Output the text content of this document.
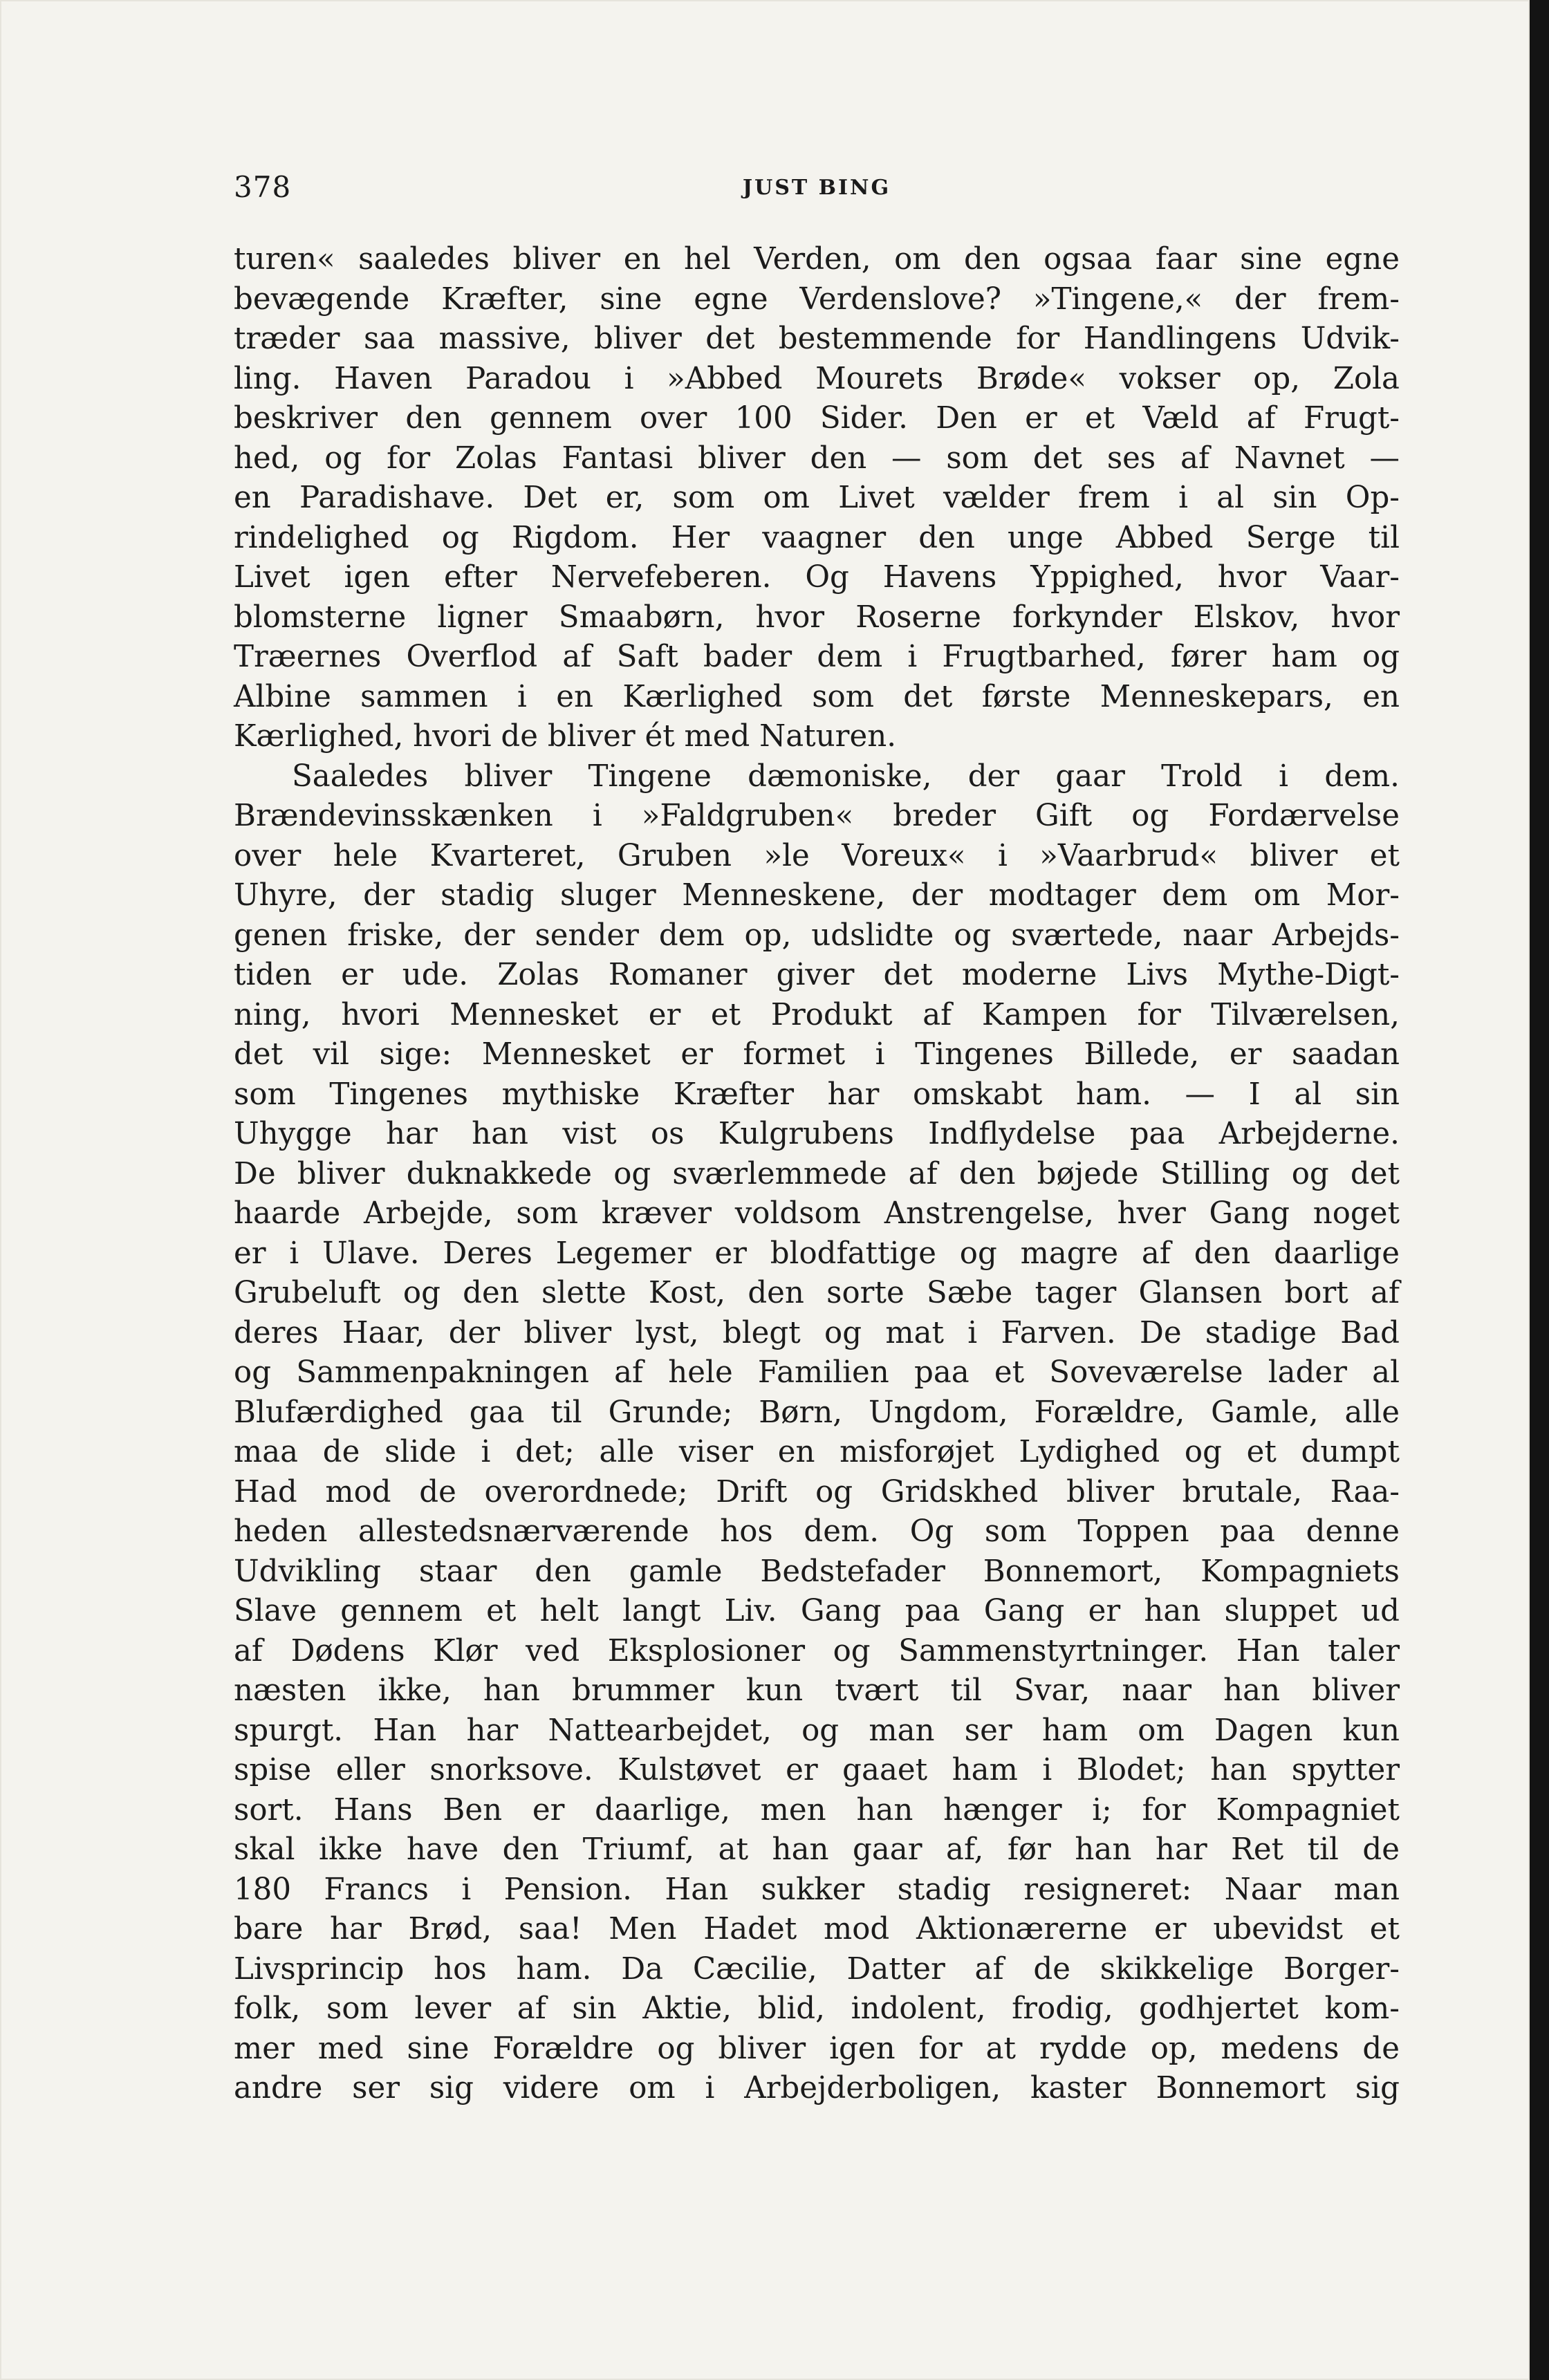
378	JUST BING
turen« saaledes bliver en hel Verden, om den ogsaa faar sine egne
bevægende Kræfter, sine egne Verdenslove? »Tingene,« der frem-
træder saa massive, bliver det bestemmende for Handlingens Udvik-
ling. Haven Paradou i »Abbed Mourets Brøde« vokser op, Zola
beskriver den gennem over 100 Sider. Den er et Væld af Frugt-
hed, og for Zolas Fantasi bliver den — som det ses af Navnet —
en Paradishave. Det er, som om Livet vælder frem i al sin Op-
rindelighed og Rigdom. Her vaagner den unge Abbed Serge til
Livet igen efter Nervefeberen. Og Havens Yppighed, hvor Vaar-
blomsterne ligner Smaabørn, hvor Roserne forkynder Elskov, hvor
Træernes Overflod af Saft bader dem i Frugtbarhed, fører ham og
Albine sammen i en Kærlighed som det første Menneskepars, en
Kærlighed, hvori de bliver ét med Naturen.
Saaledes bliver Tingene dæmoniske, der gaar Trold i dem.
Brændevinsskænken i »Faldgruben« breder Gift og Fordærvelse
over hele Kvarteret, Gruben »le Voreux« i »Vaarbrud« bliver et
Uhyre, der stadig sluger Menneskene, der modtager dem om Mor-
genen friske, der sender dem op, udslidte og sværtede, naar Arbejds-
tiden er ude. Zolas Romaner giver det moderne Livs Mythe-Digt-
ning, hvori Mennesket er et Produkt af Kampen for Tilværelsen,
det vil sige: Mennesket er formet i Tingenes Billede, er saadan
som Tingenes mythiske Kræfter har omskabt ham. — I al sin
Uhygge har han vist os Kulgrubens Indflydelse paa Arbejderne.
De bliver duknakkede og sværlemmede af den bøjede Stilling og det
haarde Arbejde, som kræver voldsom Anstrengelse, hver Gang noget
er i Ulave. Deres Legemer er blodfattige og magre af den daarlige
Grubeluft og den slette Kost, den sorte Sæbe tager Glansen bort af
deres Haar, der bliver lyst, blegt og mat i Farven. De stadige Bad
og Sammenpakningen af hele Familien paa et Soveværelse lader al
Blufærdighed gaa til Grunde; Børn, Ungdom, Forældre, Gamle, alle
maa de slide i det; alle viser en misforøjet Lydighed og et dumpt
Had mod de overordnede; Drift og Gridskhed bliver brutale, Raa-
heden allestedsnærværende hos dem. Og som Toppen paa denne
Udvikling staar den gamle Bedstefader Bonnemort, Kompagniets
Slave gennem et helt langt Liv. Gang paa Gang er han sluppet ud
af Dødens Klør ved Eksplosioner og Sammenstyrtninger. Han taler
næsten ikke, han brummer kun tvært til Svar, naar han bliver
spurgt. Han har Nattearbejdet, og man ser ham om Dagen kun
spise eller snorksove. Kulstøvet er gaaet ham i Blodet; han spytter
sort. Hans Ben er daarlige, men han hænger i; for Kompagniet
skal ikke have den Triumf, at han gaar af, før han har Ret til de
180 Francs i Pension. Han sukker stadig resigneret: Naar man
bare har Brød, saa! Men Hadet mod Aktionærerne er ubevidst et
Livsprincip hos ham. Da Cæcilie, Datter af de skikkelige Borger-
folk, som lever af sin Aktie, blid, indolent, frodig, godhjertet kom-
mer med sine Forældre og bliver igen for at rydde op, medens de
andre ser sig videre om i Arbejderboligen, kaster Bonnemort sig
